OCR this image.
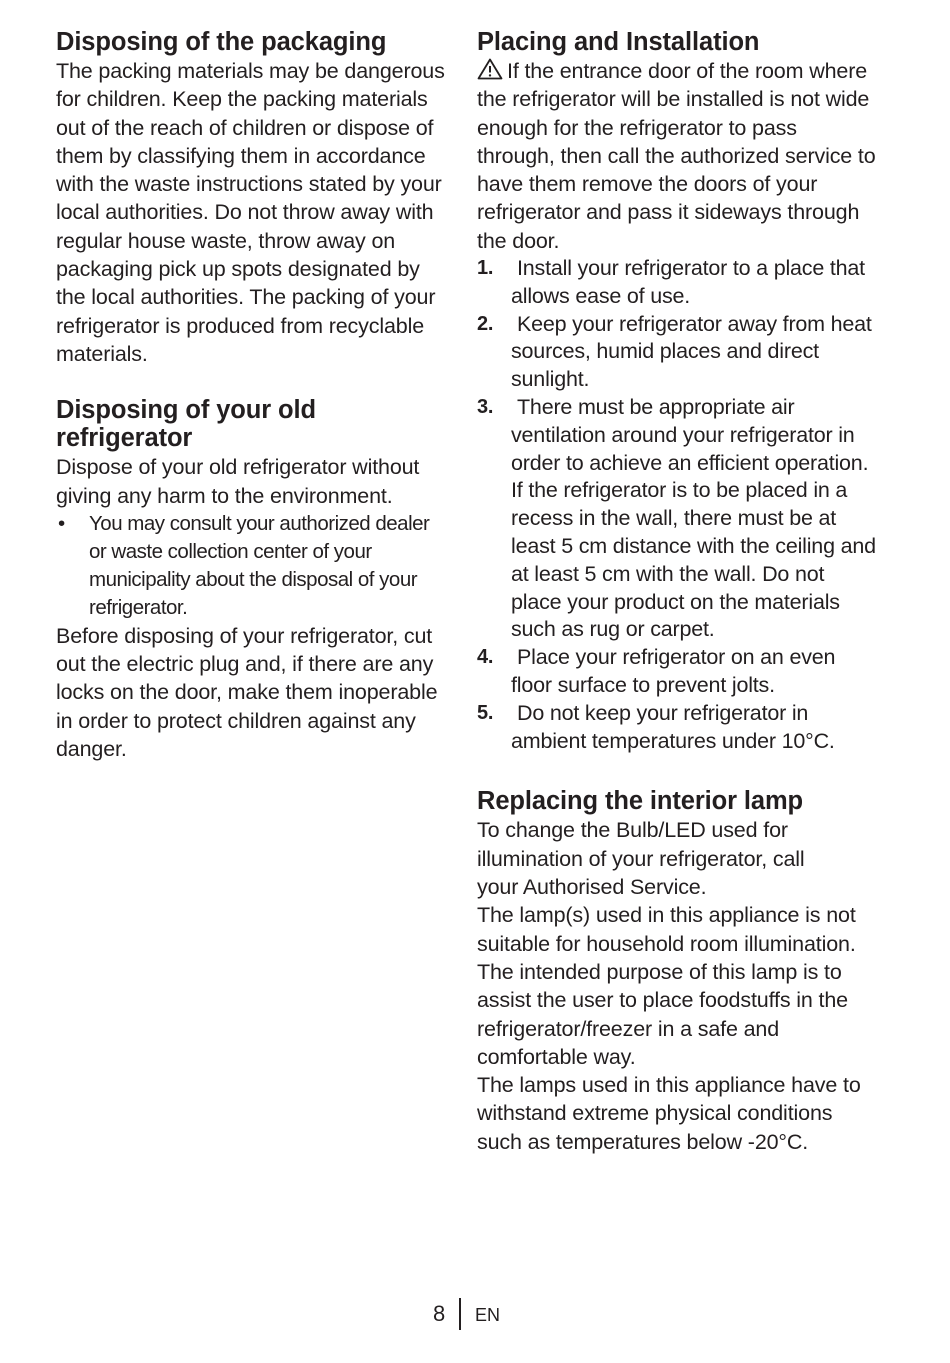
Disposing of the packaging

The packing materials may be dangerous for children. Keep the packing materials out of the reach of children or dispose of them by classifying them in accordance with the waste instructions stated by your local authorities. Do not throw away with regular house waste, throw away on packaging pick up spots designated by the local authorities. The packing of your refrigerator is produced from recyclable materials.

Disposing of your old refrigerator

Dispose of your old refrigerator without giving any harm to the environment.

• You may consult your authorized dealer or waste collection center of your municipality about the disposal of your refrigerator.

Before disposing of your refrigerator, cut out the electric plug and, if there are any locks on the door, make them inoperable in order to protect children against any danger.

Placing and Installation

If the entrance door of the room where the refrigerator will be installed is not wide enough for the refrigerator to pass through, then call the authorized service to have them remove the doors of your refrigerator and pass it sideways through the door.

1. Install your refrigerator to a place that allows ease of use.
2. Keep your refrigerator away from heat sources, humid places and direct sunlight.
3. There must be appropriate air ventilation around your refrigerator in order to achieve an efficient operation. If the refrigerator is to be placed in a recess in the wall, there must be at least 5 cm distance with the ceiling and at least 5 cm with the wall. Do not place your product on the materials such as rug or carpet.
4. Place your refrigerator on an even floor surface to prevent jolts.
5. Do not keep your refrigerator in ambient temperatures under 10°C.
Replacing the interior lamp

To change the Bulb/LED used for illumination of your refrigerator, call your Authorised Service.

The lamp(s) used in this appliance is not suitable for household room illumination. The intended purpose of this lamp is to assist the user to place foodstuffs in the refrigerator/freezer in a safe and comfortable way.

The lamps used in this appliance have to withstand extreme physical conditions such as temperatures below -20°C.

8 EN
